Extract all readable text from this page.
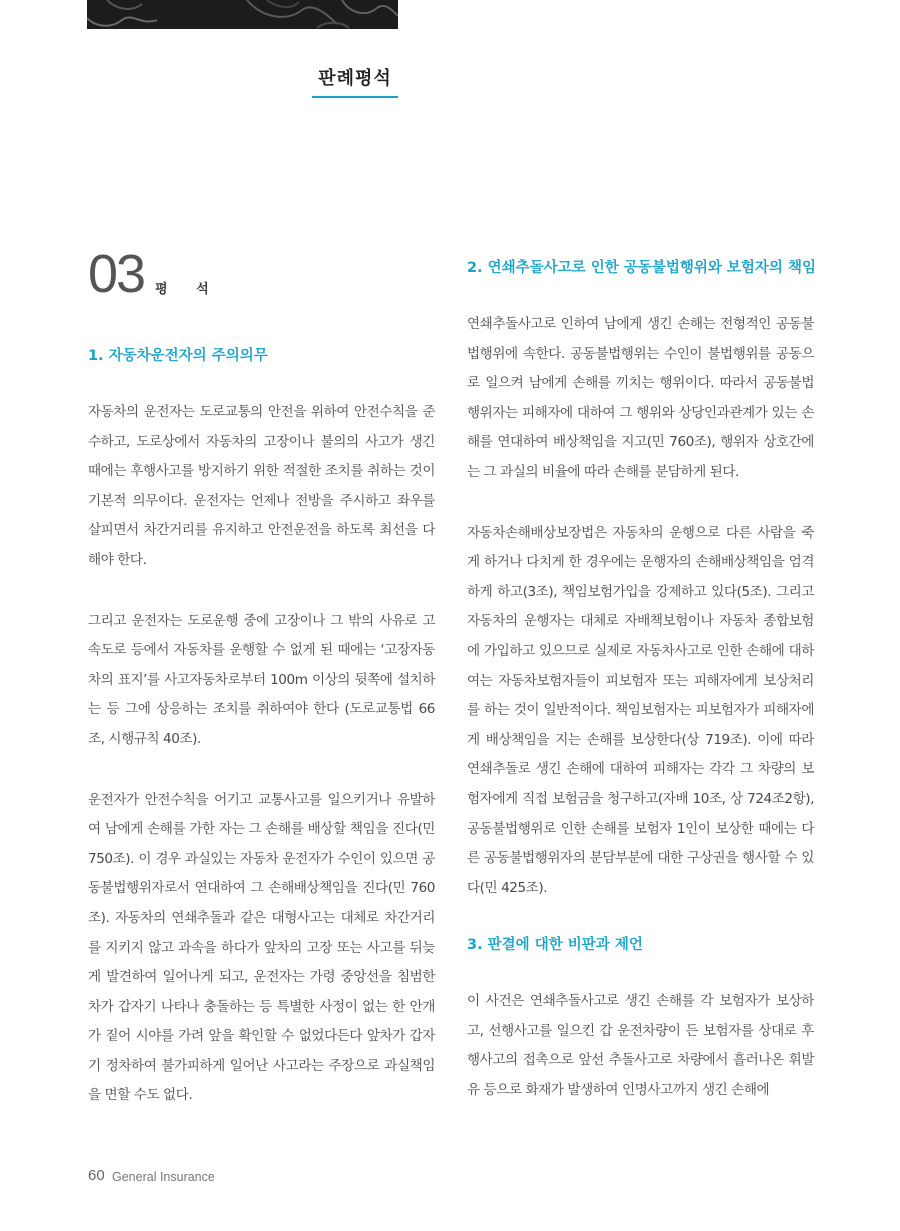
판례평석
03 평 석

1. 자동차운전자의 주의의무

자동차의 운전자는 도로교통의 안전을 위하여 안전수칙을 준수하고, 도로상에서 자동차의 고장이나 불의의 사고가 생긴 때에는 후행사고를 방지하기 위한 적절한 조치를 취하는 것이 기본적 의무이다. 운전자는 언제나 전방을 주시하고 좌우를 살피면서 차간거리를 유지하고 안전운전을 하도록 최선을 다해야 한다.

그리고 운전자는 도로운행 중에 고장이나 그 밖의 사유로 고속도로 등에서 자동차를 운행할 수 없게 된 때에는 ‘고장자동차의 표지’를 사고자동차로부터 100m 이상의 뒷쪽에 설치하는 등 그에 상응하는 조치를 취하여야 한다 (도로교통법 66조, 시행규칙 40조).

운전자가 안전수칙을 어기고 교통사고를 일으키거나 유발하여 남에게 손해를 가한 자는 그 손해를 배상할 책임을 진다(민 750조). 이 경우 과실있는 자동차 운전자가 수인이 있으면 공동불법행위자로서 연대하여 그 손해배상책임을 진다(민 760조). 자동차의 연쇄추돌과 같은 대형사고는 대체로 차간거리를 지키지 않고 과속을 하다가 앞차의 고장 또는 사고를 뒤늦게 발견하여 일어나게 되고, 운전자는 가령 중앙선을 침범한 차가 갑자기 나타나 충돌하는 등 특별한 사정이 없는 한 안개가 짙어 시야를 가려 앞을 확인할 수 없었다든다 앞차가 갑자기 정차하여 불가피하게 일어난 사고라는 주장으로 과실책임을 면할 수도 없다.

2. 연쇄추돌사고로 인한 공동불법행위와 보험자의 책임

연쇄추돌사고로 인하여 남에게 생긴 손해는 전형적인 공동불법행위에 속한다. 공동불법행위는 수인이 불법행위를 공동으로 일으켜 남에게 손해를 끼치는 행위이다. 따라서 공동불법행위자는 피해자에 대하여 그 행위와 상당인과관계가 있는 손해를 연대하여 배상책임을 지고(민 760조), 행위자 상호간에는 그 과실의 비율에 따라 손해를 분담하게 된다.

자동차손해배상보장법은 자동차의 운행으로 다른 사람을 죽게 하거나 다치게 한 경우에는 운행자의 손해배상책임을 엄격하게 하고(3조), 책임보험가입을 강제하고 있다(5조). 그리고 자동차의 운행자는 대체로 자배책보험이나 자동차 종합보험에 가입하고 있으므로 실제로 자동차사고로 인한 손해에 대하여는 자동차보험자들이 피보험자 또는 피해자에게 보상처리를 하는 것이 일반적이다. 책임보험자는 피보험자가 피해자에게 배상책임을 지는 손해를 보상한다(상 719조). 이에 따라 연쇄추돌로 생긴 손해에 대하여 피해자는 각각 그 차량의 보험자에게 직접 보험금을 청구하고(자배 10조, 상 724조2항), 공동불법행위로 인한 손해를 보험자 1인이 보상한 때에는 다른 공동불법행위자의 분담부분에 대한 구상권을 행사할 수 있다(민 425조).

3. 판결에 대한 비판과 제언

이 사건은 연쇄추돌사고로 생긴 손해를 각 보험자가 보상하고, 선행사고를 일으킨 갑 운전차량이 든 보험자를 상대로 후행사고의 접촉으로 앞선 추돌사고로 차량에서 흘러나온 휘발유 등으로 화재가 발생하여 인명사고까지 생긴 손해에

60 General Insurance
